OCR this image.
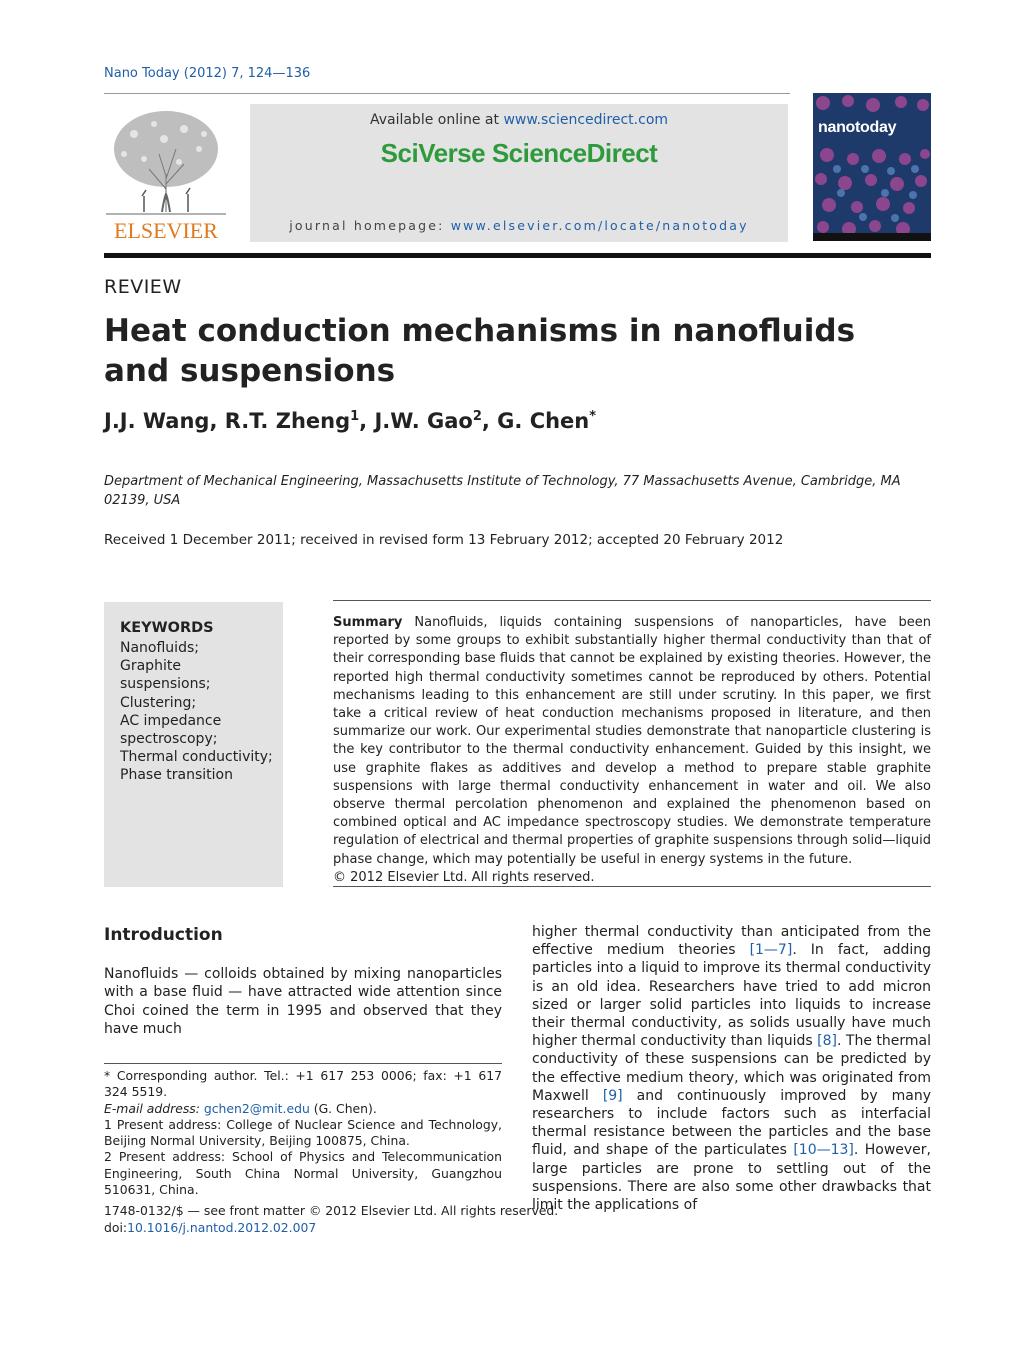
Nano Today (2012) 7, 124—136
ELSEVIER
Available online at www.sciencedirect.com
SciVerse ScienceDirect
journal homepage: www.elsevier.com/locate/nanotoday
nanotoday
REVIEW
Heat conduction mechanisms in nanofluids and suspensions
J.J. Wang, R.T. Zheng$^1$, J.W. Gao$^2$, G. Chen*
Department of Mechanical Engineering, Massachusetts Institute of Technology, 77 Massachusetts Avenue, Cambridge, MA 02139, USA
Received 1 December 2011; received in revised form 13 February 2012; accepted 20 February 2012
KEYWORDS
Nanofluids;
Graphite suspensions;
Clustering;
AC impedance spectroscopy;
Thermal conductivity;
Phase transition
Summary Nanofluids, liquids containing suspensions of nanoparticles, have been reported by some groups to exhibit substantially higher thermal conductivity than that of their corresponding base fluids that cannot be explained by existing theories. However, the reported high thermal conductivity sometimes cannot be reproduced by others. Potential mechanisms leading to this enhancement are still under scrutiny. In this paper, we first take a critical review of heat conduction mechanisms proposed in literature, and then summarize our work. Our experimental studies demonstrate that nanoparticle clustering is the key contributor to the thermal conductivity enhancement. Guided by this insight, we use graphite flakes as additives and develop a method to prepare stable graphite suspensions with large thermal conductivity enhancement in water and oil. We also observe thermal percolation phenomenon and explained the phenomenon based on combined optical and AC impedance spectroscopy studies. We demonstrate temperature regulation of electrical and thermal properties of graphite suspensions through solid—liquid phase change, which may potentially be useful in energy systems in the future.
© 2012 Elsevier Ltd. All rights reserved.
Introduction
Nanofluids — colloids obtained by mixing nanoparticles with a base fluid — have attracted wide attention since Choi coined the term in 1995 and observed that they have much
higher thermal conductivity than anticipated from the effective medium theories [1—7]. In fact, adding particles into a liquid to improve its thermal conductivity is an old idea. Researchers have tried to add micron sized or larger solid particles into liquids to increase their thermal conductivity, as solids usually have much higher thermal conductivity than liquids [8]. The thermal conductivity of these suspensions can be predicted by the effective medium theory, which was originated from Maxwell [9] and continuously improved by many researchers to include factors such as interfacial thermal resistance between the particles and the base fluid, and shape of the particulates [10—13]. However, large particles are prone to settling out of the suspensions. There are also some other drawbacks that limit the applications of

* Corresponding author. Tel.: +1 617 253 0006; fax: +1 617 324 5519.

E-mail address: gchen2@mit.edu (G. Chen).

1 Present address: College of Nuclear Science and Technology, Beijing Normal University, Beijing 100875, China.

2 Present address: School of Physics and Telecommunication Engineering, South China Normal University, Guangzhou 510631, China.

1748-0132/$ — see front matter © 2012 Elsevier Ltd. All rights reserved.
doi:10.1016/j.nantod.2012.02.007
